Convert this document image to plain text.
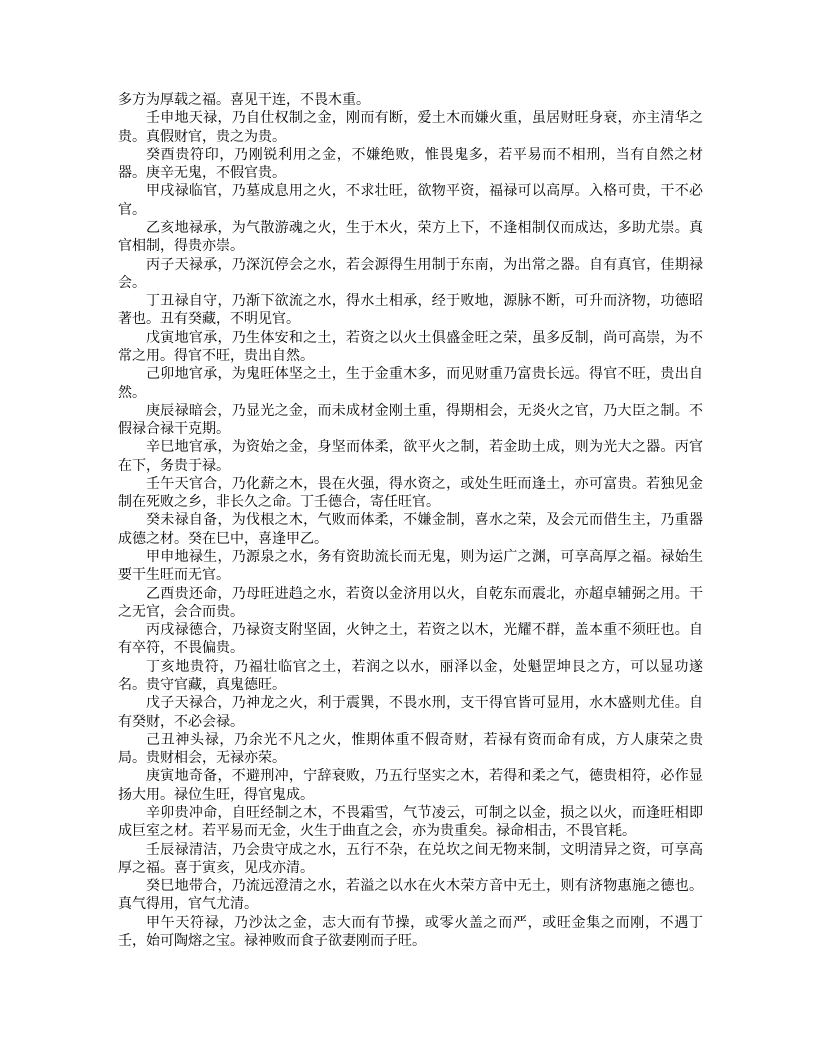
多方为厚载之福。喜见干连，不畏木重。

壬申地天禄，乃自仕权制之金，刚而有断，爱土木而嫌火重，虽居财旺身衰，亦主清华之贵。真假财官，贵之为贵。

癸酉贵符印，乃刚锐利用之金，不嫌绝败，惟畏鬼多，若平易而不相刑，当有自然之材器。庚辛无鬼，不假官贵。

甲戌禄临官，乃墓成息用之火，不求壮旺，欲物平资，福禄可以高厚。入格可贵，干不必官。

乙亥地禄承，为气散游魂之火，生于木火，荣方上下，不逢相制仅而成达，多助尤崇。真官相制，得贵亦崇。

丙子天禄承，乃深沉停会之水，若会源得生用制于东南，为出常之器。自有真官，佳期禄会。

丁丑禄自守，乃渐下欲流之水，得水土相承，经于败地，源脉不断，可升而济物，功德昭著也。丑有癸藏，不明见官。

戊寅地官承，乃生体安和之土，若资之以火土俱盛金旺之荣，虽多反制，尚可高崇，为不常之用。得官不旺，贵出自然。

己卯地官承，为鬼旺体坚之土，生于金重木多，而见财重乃富贵长远。得官不旺，贵出自然。

庚辰禄暗会，乃显光之金，而未成材金刚土重，得期相会，无炎火之官，乃大臣之制。不假禄合禄干克期。

辛巳地官承，为资始之金，身坚而体柔，欲平火之制，若金助土成，则为光大之器。丙官在下，务贵于禄。

壬午天官合，乃化薪之木，畏在火强，得水资之，或处生旺而逢土，亦可富贵。若独见金制在死败之乡，非长久之命。丁壬德合，寄任旺官。

癸未禄自备，为伐根之木，气败而体柔，不嫌金制，喜水之荣，及会元而借生主，乃重器成德之材。癸在巳中，喜逢甲乙。

甲申地禄生，乃源泉之水，务有资助流长而无鬼，则为运广之渊，可享高厚之福。禄始生要干生旺而无官。

乙酉贵还命，乃母旺进趋之水，若资以金济用以火，自乾东而震北，亦超卓辅弼之用。干之无官，会合而贵。

丙戌禄德合，乃禄资支附坚固，火钟之土，若资之以木，光耀不群，盖本重不须旺也。自有卒符，不畏偏贵。

丁亥地贵符，乃福壮临官之土，若润之以水，丽泽以金，处魁罡坤艮之方，可以显功遂名。贵守官藏，真鬼德旺。

戊子天禄合，乃神龙之火，利于震巽，不畏水刑，支干得官皆可显用，水木盛则尤佳。自有癸财，不必会禄。

己丑神头禄，乃余光不凡之火，惟期体重不假奇财，若禄有资而命有成，方人康荣之贵局。贵财相会，无禄亦荣。

庚寅地奇备，不避刑冲，宁辞衰败，乃五行坚实之木，若得和柔之气，德贵相符，必作显扬大用。禄位生旺，得官鬼成。

辛卯贵冲命，自旺经制之木，不畏霜雪，气节凌云，可制之以金，损之以火，而逢旺相即成巨室之材。若平易而无金，火生于曲直之会，亦为贵重矣。禄命相击，不畏官耗。

壬辰禄清洁，乃会贵守成之水，五行不杂，在兑坎之间无物来制，文明清异之资，可享高厚之福。喜于寅亥，见戌亦清。

癸巳地带合，乃流远澄清之水，若溢之以水在火木荣方音中无土，则有济物惠施之德也。真气得用，官气尤清。

甲午天符禄，乃沙汰之金，志大而有节操，或零火盖之而严，或旺金集之而刚，不遇丁壬，始可陶熔之宝。禄神败而食子欲妻刚而子旺。
